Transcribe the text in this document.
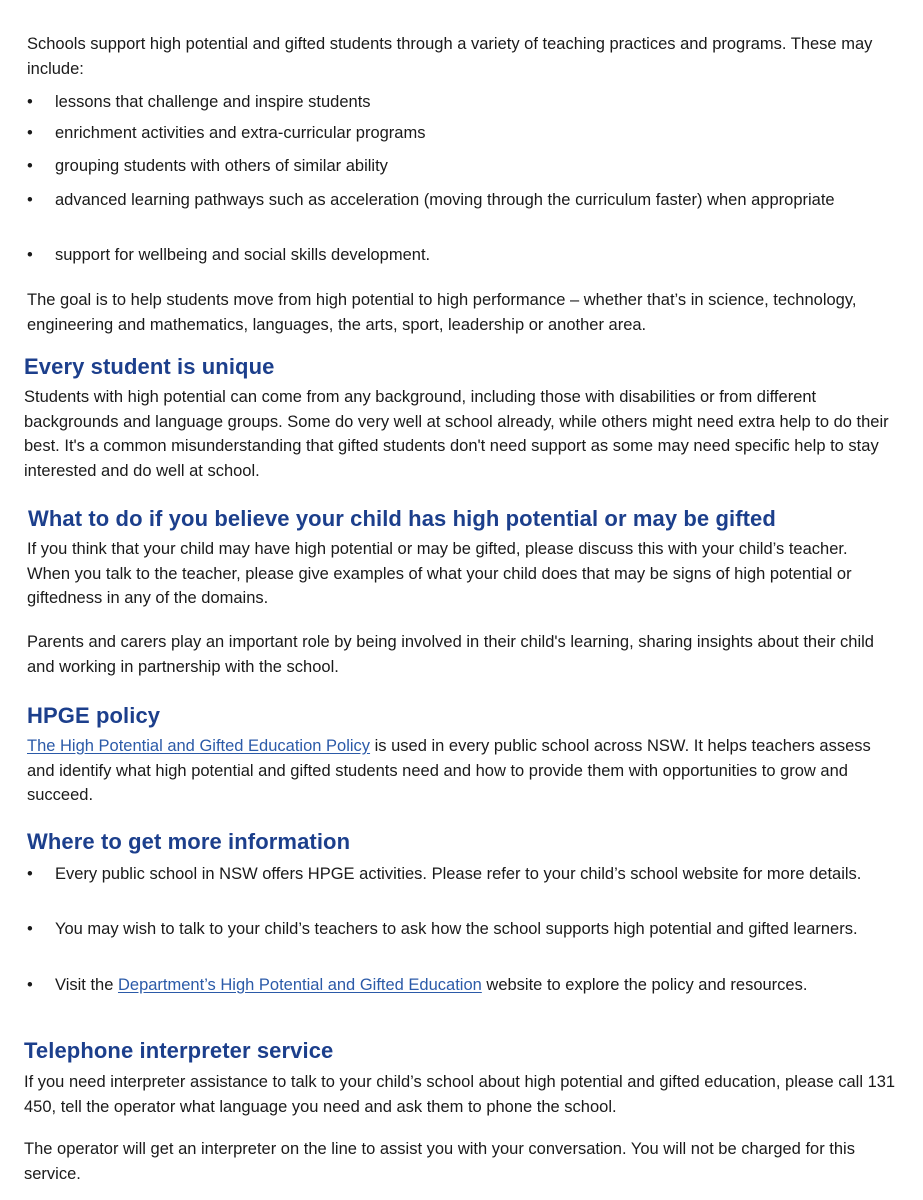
Schools support high potential and gifted students through a variety of teaching practices and programs. These may include:

• lessons that challenge and inspire students
• enrichment activities and extra-curricular programs
• grouping students with others of similar ability
• advanced learning pathways such as acceleration (moving through the curriculum faster) when appropriate
• support for wellbeing and social skills development.

The goal is to help students move from high potential to high performance – whether that’s in science, technology, engineering and mathematics, languages, the arts, sport, leadership or another area.

Every student is unique

Students with high potential can come from any background, including those with disabilities or from different backgrounds and language groups. Some do very well at school already, while others might need extra help to do their best. It's a common misunderstanding that gifted students don't need support as some may need specific help to stay interested and do well at school.

What to do if you believe your child has high potential or may be gifted

If you think that your child may have high potential or may be gifted, please discuss this with your child’s teacher. When you talk to the teacher, please give examples of what your child does that may be signs of high potential or giftedness in any of the domains.

Parents and carers play an important role by being involved in their child's learning, sharing insights about their child and working in partnership with the school.

HPGE policy

The High Potential and Gifted Education Policy is used in every public school across NSW. It helps teachers assess and identify what high potential and gifted students need and how to provide them with opportunities to grow and succeed.

Where to get more information
• Every public school in NSW offers HPGE activities. Please refer to your child’s school website for more details.
• You may wish to talk to your child’s teachers to ask how the school supports high potential and gifted learners.
• Visit the Department’s High Potential and Gifted Education website to explore the policy and resources.
Telephone interpreter service

If you need interpreter assistance to talk to your child’s school about high potential and gifted education, please call 131 450, tell the operator what language you need and ask them to phone the school.

The operator will get an interpreter on the line to assist you with your conversation. You will not be charged for this service.
